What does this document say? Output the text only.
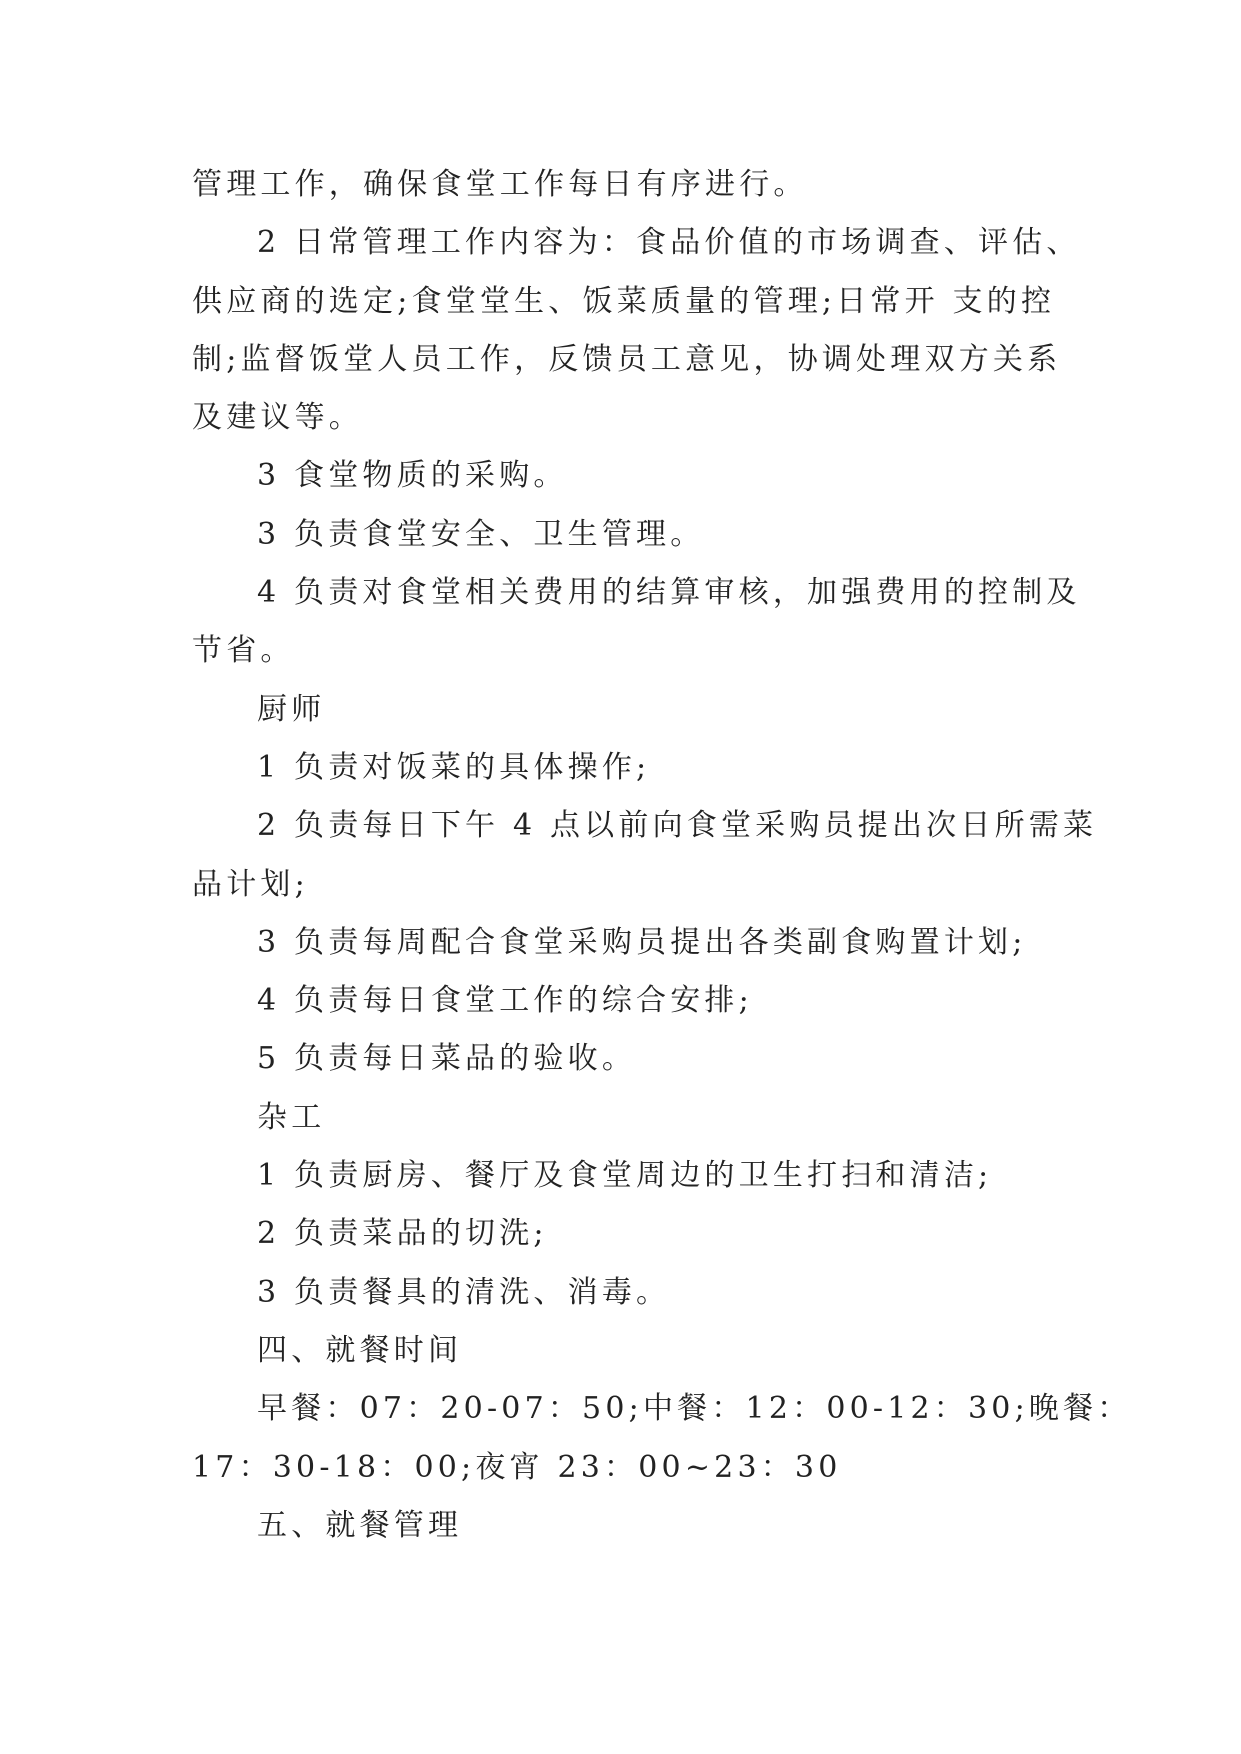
管理工作，确保食堂工作每日有序进行。
2 日常管理工作内容为：食品价值的市场调查、评估、
供应商的选定;食堂堂生、饭菜质量的管理;日常开 支的控
制;监督饭堂人员工作，反馈员工意见，协调处理双方关系
及建议等。
3 食堂物质的采购。
3 负责食堂安全、卫生管理。
4 负责对食堂相关费用的结算审核，加强费用的控制及
节省。
厨师
1 负责对饭菜的具体操作;
2 负责每日下午 4 点以前向食堂采购员提出次日所需菜
品计划;
3 负责每周配合食堂采购员提出各类副食购置计划;
4 负责每日食堂工作的综合安排;
5 负责每日菜品的验收。
杂工
1 负责厨房、餐厅及食堂周边的卫生打扫和清洁;
2 负责菜品的切洗;
3 负责餐具的清洗、消毒。
四、就餐时间
早餐：07：20-07：50;中餐：12：00-12：30;晚餐：
17：30-18：00;夜宵 23：00~23：30
五、就餐管理
